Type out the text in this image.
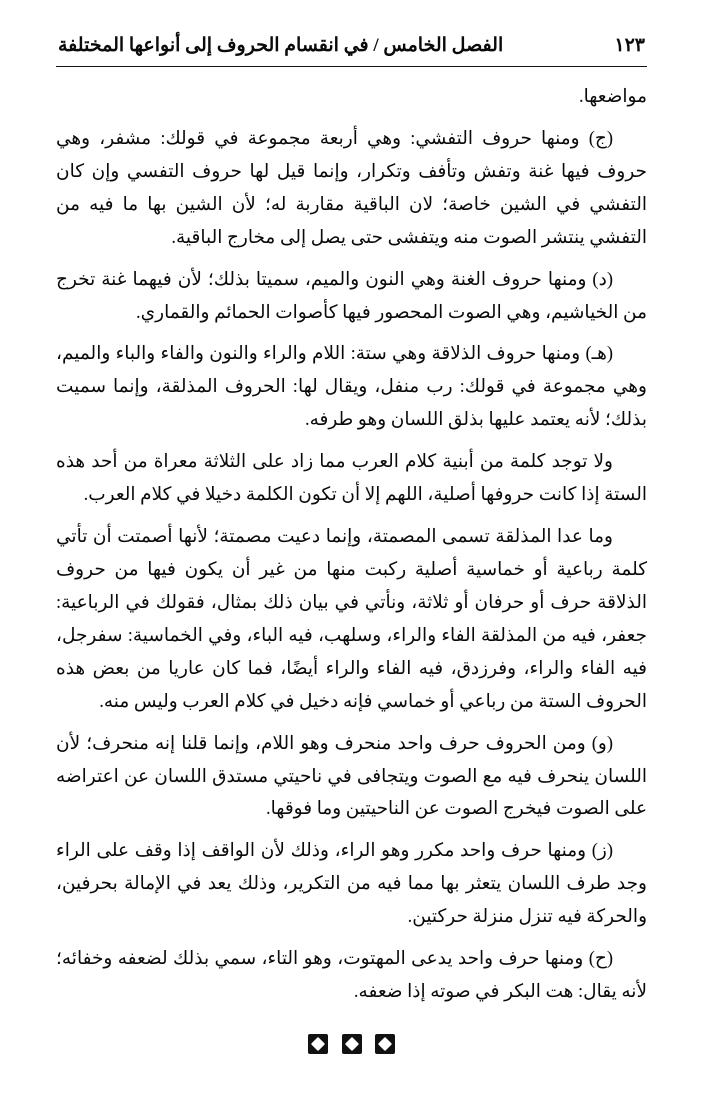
الفصل الخامس / في انقسام الحروف إلى أنواعها المختلفة	١٢٣

مواضعها.

(ج) ومنها حروف التفشي: وهي أربعة مجموعة في قولك: مشفر، وهي حروف فيها غنة وتفش وتأفف وتكرار، وإنما قيل لها حروف التفسي وإن كان التفشي في الشين خاصة؛ لان الباقية مقاربة له؛ لأن الشين بها ما فيه من التفشي ينتشر الصوت منه ويتفشى حتى يصل إلى مخارج الباقية.

(د) ومنها حروف الغنة وهي النون والميم، سميتا بذلك؛ لأن فيهما غنة تخرج من الخياشيم، وهي الصوت المحصور فيها كأصوات الحمائم والقماري.

(هـ) ومنها حروف الذلاقة وهي ستة: اللام والراء والنون والفاء والباء والميم، وهي مجموعة في قولك: رب منفل، ويقال لها: الحروف المذلقة، وإنما سميت بذلك؛ لأنه يعتمد عليها بذلق اللسان وهو طرفه.

ولا توجد كلمة من أبنية كلام العرب مما زاد على الثلاثة معراة من أحد هذه الستة إذا كانت حروفها أصلية، اللهم إلا أن تكون الكلمة دخيلا في كلام العرب.

وما عدا المذلقة تسمى المصمتة، وإنما دعيت مصمتة؛ لأنها أصمتت أن تأتي كلمة رباعية أو خماسية أصلية ركبت منها من غير أن يكون فيها من حروف الذلاقة حرف أو حرفان أو ثلاثة، ونأتي في بيان ذلك بمثال، فقولك في الرباعية: جعفر، فيه من المذلقة الفاء والراء، وسلهب، فيه الباء، وفي الخماسية: سفرجل، فيه الفاء والراء، وفرزدق، فيه الفاء والراء أيضًا، فما كان عاريا من بعض هذه الحروف الستة من رباعي أو خماسي فإنه دخيل في كلام العرب وليس منه.

(و) ومن الحروف حرف واحد منحرف وهو اللام، وإنما قلنا إنه منحرف؛ لأن اللسان ينحرف فيه مع الصوت ويتجافى في ناحيتي مستدق اللسان عن اعتراضه على الصوت فيخرج الصوت عن الناحيتين وما فوقها.

(ز) ومنها حرف واحد مكرر وهو الراء، وذلك لأن الواقف إذا وقف على الراء وجد طرف اللسان يتعثر بها مما فيه من التكرير، وذلك يعد في الإمالة بحرفين، والحركة فيه تنزل منزلة حركتين.

(ح) ومنها حرف واحد يدعى المهتوت، وهو التاء، سمي بذلك لضعفه وخفائه؛ لأنه يقال: هت البكر في صوته إذا ضعفه.
